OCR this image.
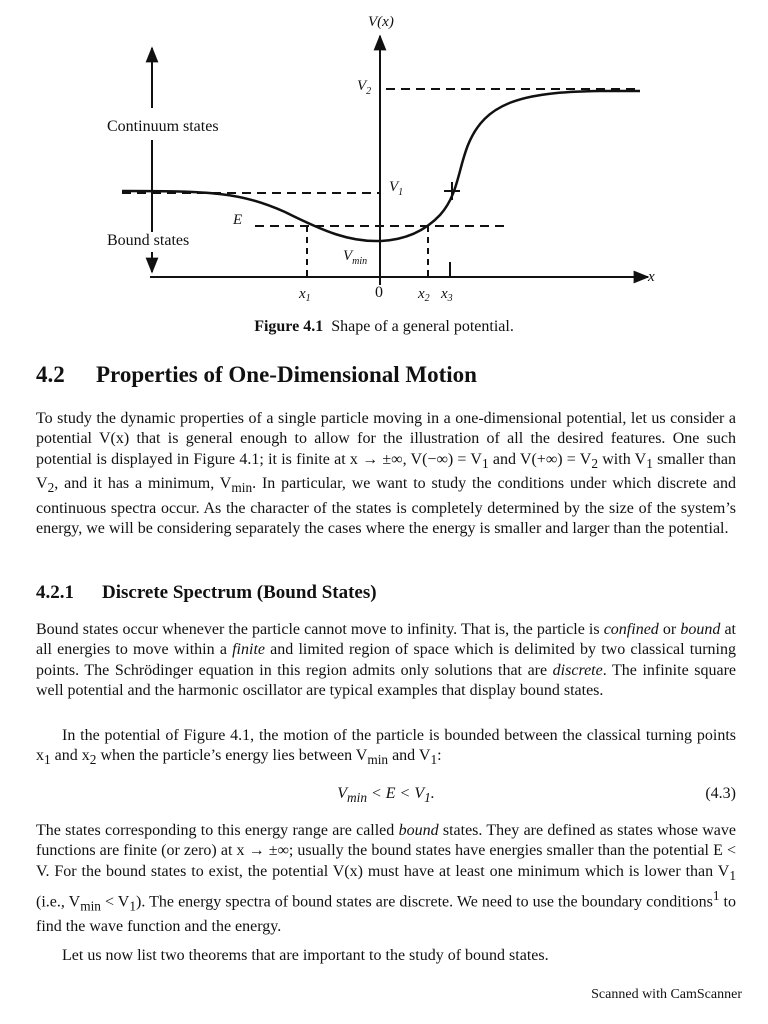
V(x)
x
$V_2$
$V_1$
$V_{min}$
E
Continuum states
Bound states
$x_1$	0 $x_2$ $x_3$
Figure 4.1 Shape of a general potential.
4.2 Properties of One-Dimensional Motion

To study the dynamic properties of a single particle moving in a one-dimensional potential, let us consider a potential V(x) that is general enough to allow for the illustration of all the desired features. One such potential is displayed in Figure 4.1; it is finite at x → ±∞, $V(-\infty) = V_1$ and $V(+\infty) = V_2$ with $V_1$ smaller than $V_2$, and it has a minimum, $V_{min}$. In particular, we want to study the conditions under which discrete and continuous spectra occur. As the character of the states is completely determined by the size of the system’s energy, we will be considering separately the cases where the energy is smaller and larger than the potential.

4.2.1 Discrete Spectrum (Bound States)

Bound states occur whenever the particle cannot move to infinity. That is, the particle is confined or bound at all energies to move within a finite and limited region of space which is delimited by two classical turning points. The Schrödinger equation in this region admits only solutions that are discrete. The infinite square well potential and the harmonic oscillator are typical examples that display bound states.

In the potential of Figure 4.1, the motion of the particle is bounded between the classical turning points $x_1$ and $x_2$ when the particle’s energy lies between $V_{min}$ and $V_1$:

$V_{min} < E < V_1$.	(4.3)

The states corresponding to this energy range are called bound states. They are defined as states whose wave functions are finite (or zero) at x → ±∞; usually the bound states have energies smaller than the potential E < V. For the bound states to exist, the potential V(x) must have at least one minimum which is lower than $V_1$ (i.e., $V_{min} < V_1$). The energy spectra of bound states are discrete. We need to use the boundary conditions$^1$ to find the wave function and the energy.

Let us now list two theorems that are important to the study of bound states.

Scanned with CamScanner
